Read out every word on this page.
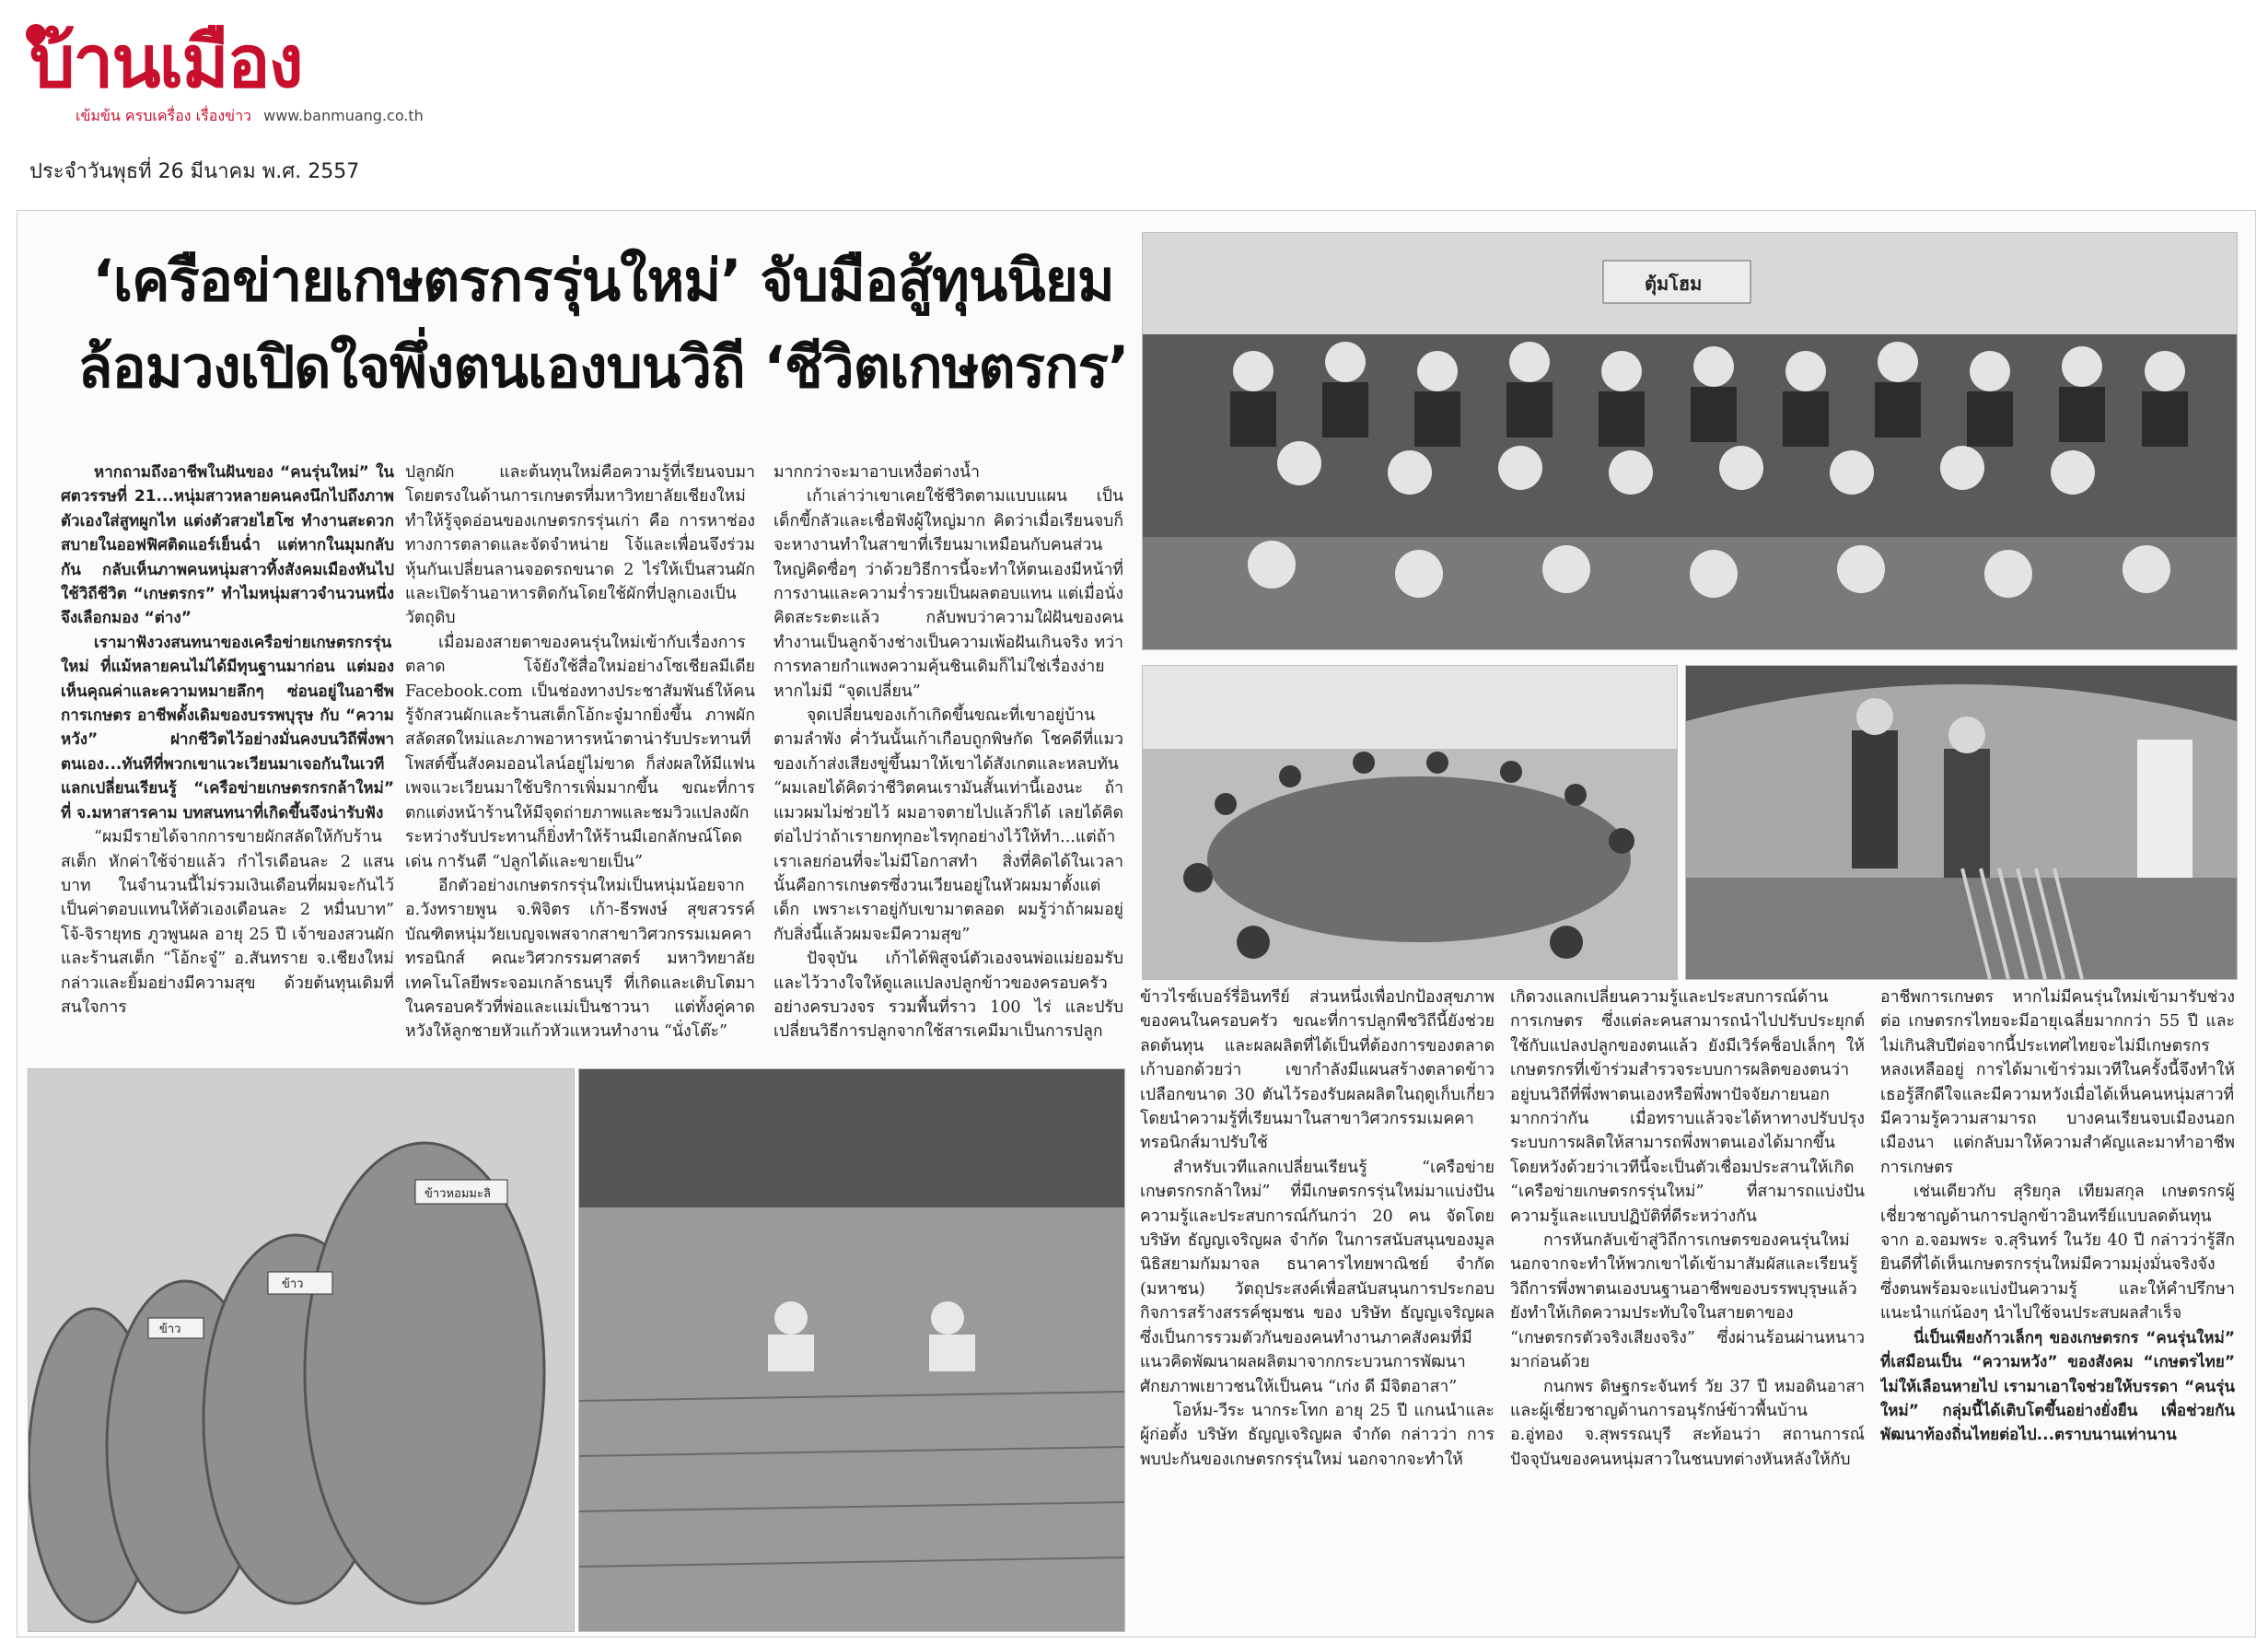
บ้านเมือง
เข้มข้น ครบเครื่อง เรื่องข่าว www.banmuang.co.th
ประจำวันพุธที่ 26 มีนาคม พ.ศ. 2557
‘เครือข่ายเกษตรกรรุ่นใหม่’ จับมือสู้ทุนนิยม
ล้อมวงเปิดใจพึ่งตนเองบนวิถี ‘ชีวิตเกษตรกร’

หากถามถึงอาชีพในฝันของ “คนรุ่นใหม่” ในศตวรรษที่ 21...หนุ่มสาวหลายคนคงนึกไปถึงภาพตัวเองใส่สูทผูกไท แต่งตัวสวยไฮโซ ทำงานสะดวกสบายในออฟฟิศติดแอร์เย็นฉ่ำ แต่หากในมุมกลับกัน กลับเห็นภาพคนหนุ่มสาวทิ้งสังคมเมืองหันไปใช้วิถีชีวิต “เกษตรกร” ทำไมหนุ่มสาวจำนวนหนึ่งจึงเลือกมอง “ต่าง”

เรามาฟังวงสนทนาของเครือข่ายเกษตรกรรุ่นใหม่ ที่แม้หลายคนไม่ได้มีทุนฐานมาก่อน แต่มองเห็นคุณค่าและความหมายลึกๆ ซ่อนอยู่ในอาชีพการเกษตร อาชีพดั้งเดิมของบรรพบุรุษ กับ “ความหวัง” ฝากชีวิตไว้อย่างมั่นคงบนวิถีพึ่งพาตนเอง...ทันทีที่พวกเขาแวะเวียนมาเจอกันในเวทีแลกเปลี่ยนเรียนรู้ “เครือข่ายเกษตรกรกล้าใหม่” ที่ จ.มหาสารคาม บทสนทนาที่เกิดขึ้นจึงน่ารับฟัง

“ผมมีรายได้จากการขายผักสลัดให้กับร้านสเต็ก หักค่าใช้จ่ายแล้ว กำไรเดือนละ 2 แสนบาท ในจำนวนนี้ไม่รวมเงินเดือนที่ผมจะกันไว้เป็นค่าตอบแทนให้ตัวเองเดือนละ 2 หมื่นบาท” โจ้-จิรายุทธ ภูวพูนผล อายุ 25 ปี เจ้าของสวนผักและร้านสเต็ก “โอ้กะจู๋” อ.สันทราย จ.เชียงใหม่ กล่าวและยิ้มอย่างมีความสุข ด้วยต้นทุนเดิมที่สนใจการ

ปลูกผัก และต้นทุนใหม่คือความรู้ที่เรียนจบมาโดยตรงในด้านการเกษตรที่มหาวิทยาลัยเชียงใหม่ ทำให้รู้จุดอ่อนของเกษตรกรรุ่นเก่า คือ การหาช่องทางการตลาดและจัดจำหน่าย โจ้และเพื่อนจึงร่วมหุ้นกันเปลี่ยนลานจอดรถขนาด 2 ไร่ให้เป็นสวนผัก และเปิดร้านอาหารติดกันโดยใช้ผักที่ปลูกเองเป็นวัตถุดิบ

เมื่อมองสายตาของคนรุ่นใหม่เข้ากับเรื่องการตลาด โจ้ยังใช้สื่อใหม่อย่างโซเชียลมีเดีย Facebook.com เป็นช่องทางประชาสัมพันธ์ให้คนรู้จักสวนผักและร้านสเต็กโอ้กะจู๋มากยิ่งขึ้น ภาพผักสลัดสดใหม่และภาพอาหารหน้าตาน่ารับประทานที่โพสต์ขึ้นสังคมออนไลน์อยู่ไม่ขาด ก็ส่งผลให้มีแฟนเพจแวะเวียนมาใช้บริการเพิ่มมากขึ้น ขณะที่การตกแต่งหน้าร้านให้มีจุดถ่ายภาพและชมวิวแปลงผักระหว่างรับประทานก็ยิ่งทำให้ร้านมีเอกลักษณ์โดดเด่น การันตี “ปลูกได้และขายเป็น”

อีกตัวอย่างเกษตรกรรุ่นใหม่เป็นหนุ่มน้อยจาก อ.วังทรายพูน จ.พิจิตร เก้า-ธีรพงษ์ สุขสวรรค์ บัณฑิตหนุ่มวัยเบญจเพสจากสาขาวิศวกรรมเมคคาทรอนิกส์ คณะวิศวกรรมศาสตร์ มหาวิทยาลัยเทคโนโลยีพระจอมเกล้าธนบุรี ที่เกิดและเติบโตมาในครอบครัวที่พ่อและแม่เป็นชาวนา แต่ทั้งคู่คาดหวังให้ลูกชายหัวแก้วหัวแหวนทำงาน “นั่งโต๊ะ”

มากกว่าจะมาอาบเหงื่อต่างน้ำ

เก้าเล่าว่าเขาเคยใช้ชีวิตตามแบบแผน เป็นเด็กขี้กลัวและเชื่อฟังผู้ใหญ่มาก คิดว่าเมื่อเรียนจบก็จะหางานทำในสาขาที่เรียนมาเหมือนกับคนส่วนใหญ่คิดซื่อๆ ว่าด้วยวิธีการนี้จะทำให้ตนเองมีหน้าที่การงานและความร่ำรวยเป็นผลตอบแทน แต่เมื่อนั่งคิดสะระตะแล้ว กลับพบว่าความใฝ่ฝันของคนทำงานเป็นลูกจ้างช่างเป็นความเพ้อฝันเกินจริง ทว่าการทลายกำแพงความคุ้นชินเดิมก็ไม่ใช่เรื่องง่ายหากไม่มี “จุดเปลี่ยน”

จุดเปลี่ยนของเก้าเกิดขึ้นขณะที่เขาอยู่บ้านตามลำพัง ค่ำวันนั้นเก้าเกือบถูกพิษกัด โชคดีที่แมวของเก้าส่งเสียงขู่ขึ้นมาให้เขาได้สังเกตและหลบทัน “ผมเลยได้คิดว่าชีวิตคนเรามันสั้นเท่านี้เองนะ ถ้าแมวผมไม่ช่วยไว้ ผมอาจตายไปแล้วก็ได้ เลยได้คิดต่อไปว่าถ้าเรายกทุกอะไรทุกอย่างไว้ให้ทำ...แต่ถ้าเราเลยก่อนที่จะไม่มีโอกาสทำ สิ่งที่คิดได้ในเวลานั้นคือการเกษตรซึ่งวนเวียนอยู่ในหัวผมมาตั้งแต่เด็ก เพราะเราอยู่กับเขามาตลอด ผมรู้ว่าถ้าผมอยู่กับสิ่งนี้แล้วผมจะมีความสุข”

ปัจจุบัน เก้าได้พิสูจน์ตัวเองจนพ่อแม่ยอมรับ และไว้วางใจให้ดูแลแปลงปลูกข้าวของครอบครัวอย่างครบวงจร รวมพื้นที่ราว 100 ไร่ และปรับเปลี่ยนวิธีการปลูกจากใช้สารเคมีมาเป็นการปลูก

ข้าวไรซ์เบอร์รี่อินทรีย์ ส่วนหนึ่งเพื่อปกป้องสุขภาพของคนในครอบครัว ขณะที่การปลูกพืชวิถีนี้ยังช่วยลดต้นทุน และผลผลิตที่ได้เป็นที่ต้องการของตลาด เก้าบอกด้วยว่า เขากำลังมีแผนสร้างตลาดข้าวเปลือกขนาด 30 ตันไว้รองรับผลผลิตในฤดูเก็บเกี่ยว โดยนำความรู้ที่เรียนมาในสาขาวิศวกรรมเมคคาทรอนิกส์มาปรับใช้

สำหรับเวทีแลกเปลี่ยนเรียนรู้ “เครือข่ายเกษตรกรกล้าใหม่” ที่มีเกษตรกรรุ่นใหม่มาแบ่งปันความรู้และประสบการณ์กันกว่า 20 คน จัดโดย บริษัท ธัญญเจริญผล จำกัด ในการสนับสนุนของมูลนิธิสยามกัมมาจล ธนาคารไทยพาณิชย์ จำกัด (มหาชน) วัตถุประสงค์เพื่อสนับสนุนการประกอบกิจการสร้างสรรค์ชุมชน ของ บริษัท ธัญญเจริญผล ซึ่งเป็นการรวมตัวกันของคนทำงานภาคสังคมที่มีแนวคิดพัฒนาผลผลิตมาจากกระบวนการพัฒนาศักยภาพเยาวชนให้เป็นคน “เก่ง ดี มีจิตอาสา”

โอห์ม-วีระ นากระโทก อายุ 25 ปี แกนนำและผู้ก่อตั้ง บริษัท ธัญญเจริญผล จำกัด กล่าวว่า การพบปะกันของเกษตรกรรุ่นใหม่ นอกจากจะทำให้

เกิดวงแลกเปลี่ยนความรู้และประสบการณ์ด้านการเกษตร ซึ่งแต่ละคนสามารถนำไปปรับประยุกต์ใช้กับแปลงปลูกของตนแล้ว ยังมีเวิร์คช็อปเล็กๆ ให้เกษตรกรที่เข้าร่วมสำรวจระบบการผลิตของตนว่าอยู่บนวิถีที่พึ่งพาตนเองหรือพึ่งพาปัจจัยภายนอกมากกว่ากัน เมื่อทราบแล้วจะได้หาทางปรับปรุงระบบการผลิตให้สามารถพึ่งพาตนเองได้มากขึ้น โดยหวังด้วยว่าเวทีนี้จะเป็นตัวเชื่อมประสานให้เกิด “เครือข่ายเกษตรกรรุ่นใหม่” ที่สามารถแบ่งปันความรู้และแบบปฏิบัติที่ดีระหว่างกัน

การหันกลับเข้าสู่วิถีการเกษตรของคนรุ่นใหม่ นอกจากจะทำให้พวกเขาได้เข้ามาสัมผัสและเรียนรู้วิถีการพึ่งพาตนเองบนฐานอาชีพของบรรพบุรุษแล้ว ยังทำให้เกิดความประทับใจในสายตาของ “เกษตรกรตัวจริงเสียงจริง” ซึ่งผ่านร้อนผ่านหนาวมาก่อนด้วย

กนกพร ดิษฐกระจันทร์ วัย 37 ปี หมอดินอาสา และผู้เชี่ยวชาญด้านการอนุรักษ์ข้าวพื้นบ้าน อ.อู่ทอง จ.สุพรรณบุรี สะท้อนว่า สถานการณ์ปัจจุบันของคนหนุ่มสาวในชนบทต่างหันหลังให้กับ

อาชีพการเกษตร หากไม่มีคนรุ่นใหม่เข้ามารับช่วงต่อ เกษตรกรไทยจะมีอายุเฉลี่ยมากกว่า 55 ปี และไม่เกินสิบปีต่อจากนี้ประเทศไทยจะไม่มีเกษตรกรหลงเหลืออยู่ การได้มาเข้าร่วมเวทีในครั้งนี้จึงทำให้เธอรู้สึกดีใจและมีความหวังเมื่อได้เห็นคนหนุ่มสาวที่มีความรู้ความสามารถ บางคนเรียนจบเมืองนอกเมืองนา แต่กลับมาให้ความสำคัญและมาทำอาชีพการเกษตร

เช่นเดียวกับ สุริยกุล เทียมสกุล เกษตรกรผู้เชี่ยวชาญด้านการปลูกข้าวอินทรีย์แบบลดต้นทุน จาก อ.จอมพระ จ.สุรินทร์ ในวัย 40 ปี กล่าวว่ารู้สึกยินดีที่ได้เห็นเกษตรกรรุ่นใหม่มีความมุ่งมั่นจริงจัง ซึ่งตนพร้อมจะแบ่งปันความรู้ และให้คำปรึกษาแนะนำแก่น้องๆ นำไปใช้จนประสบผลสำเร็จ

นี่เป็นเพียงก้าวเล็กๆ ของเกษตรกร “คนรุ่นใหม่” ที่เสมือนเป็น “ความหวัง” ของสังคม “เกษตรไทย” ไม่ให้เลือนหายไป เรามาเอาใจช่วยให้บรรดา “คนรุ่นใหม่” กลุ่มนี้ได้เติบโตขึ้นอย่างยั่งยืน เพื่อช่วยกันพัฒนาท้องถิ่นไทยต่อไป...ตราบนานเท่านาน

ตุ้มโฮม
ข้าว
ข้าว
ข้าวหอมมะลิ
